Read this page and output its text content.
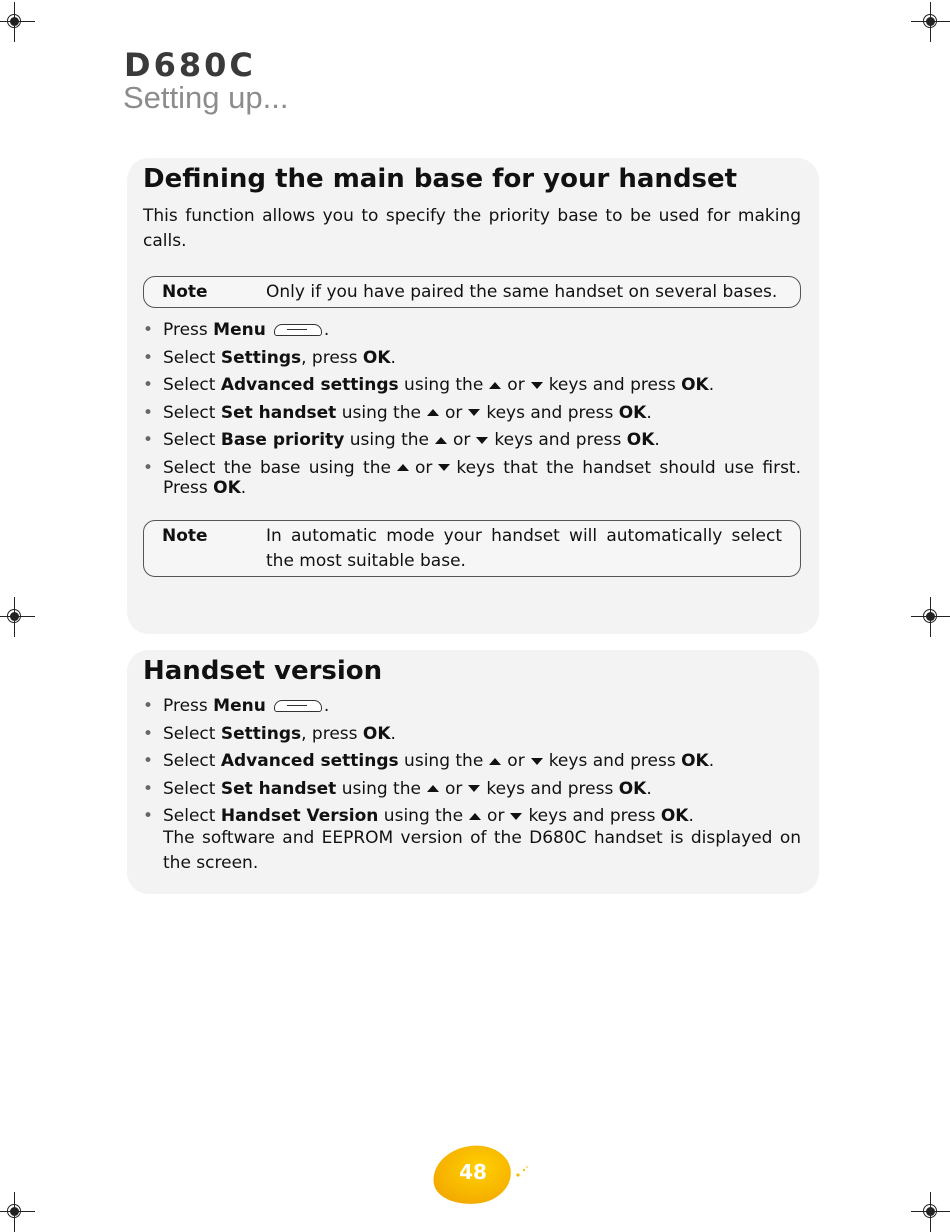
D680C
Setting up...
Defining the main base for your handset

This function allows you to specify the priority base to be used for making calls.

Note	Only if you have paired the same handset on several bases.
• Press Menu	.
• Select Settings, press OK.
• Select Advanced settings using the or keys and press OK.
• Select Set handset using the or keys and press OK.
• Select Base priority using the or keys and press OK.
• Select the base using the or keys that the handset should use first. Press OK.
Note	In automatic mode your handset will automatically select the most suitable base.
Handset version
• Press Menu	.
• Select Settings, press OK.
• Select Advanced settings using the or keys and press OK.
• Select Set handset using the or keys and press OK.
• Select Handset Version using the or keys and press OK.
The software and EEPROM version of the D680C handset is displayed on the screen.
48
